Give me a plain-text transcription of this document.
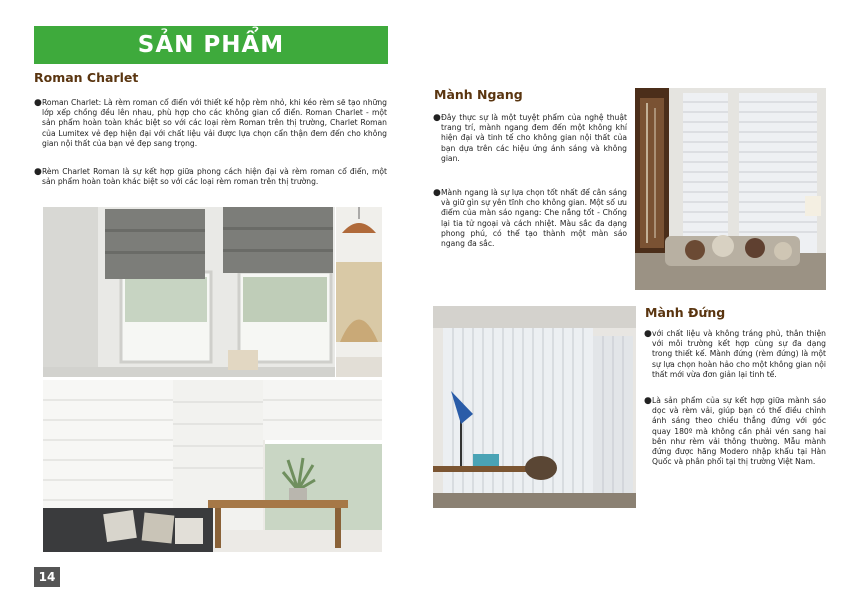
SẢN PHẨM
Roman Charlet
● Roman Charlet: Là rèm roman cổ điển với thiết kế hộp rèm nhỏ, khi kéo rèm sẽ tạo những lớp xếp chồng đều lên nhau, phù hợp cho các không gian cổ điển. Roman Charlet - một sản phẩm hoàn toàn khác biệt so với các loại rèm Roman trên thị trường, Charlet Roman của Lumitex vẻ đẹp hiện đại với chất liệu vải được lựa chọn cẩn thận đem đến cho không gian nội thất của bạn vẻ đẹp sang trọng.
● Rèm Charlet Roman là sự kết hợp giữa phong cách hiện đại và rèm roman cổ điển, một sản phẩm hoàn toàn khác biệt so với các loại rèm roman trên thị trường.
Mành Ngang
● Đây thực sự là một tuyệt phẩm của nghệ thuật trang trí, mành ngang đem đến một không khí hiện đại và tinh tế cho không gian nội thất của bạn dựa trên các hiệu ứng ánh sáng và không gian.
● Mành ngang là sự lựa chọn tốt nhất để cân sáng và giữ gìn sự yên tĩnh cho không gian. Một số ưu điểm của màn sáo ngang: Che nắng tốt - Chống lại tia tử ngoại và cách nhiệt. Màu sắc đa dạng phong phú, có thể tạo thành một màn sáo ngang đa sắc.
Mành Đứng
● với chất liệu và không tráng phủ, thân thiện với môi trường kết hợp cùng sự đa dạng trong thiết kế. Mành đứng (rèm đứng) là một sự lựa chọn hoàn hảo cho một không gian nội thất mới vừa đơn giản lại tinh tế.
● Là sản phẩm của sự kết hợp giữa mành sáo dọc và rèm vải, giúp bạn có thể điều chỉnh ánh sáng theo chiều thẳng đứng với góc quay 180º mà không cần phải vén sang hai bên như rèm vải thông thường. Mẫu mành đứng được hãng Modero nhập khẩu tại Hàn Quốc và phân phối tại thị trường Việt Nam.
14
